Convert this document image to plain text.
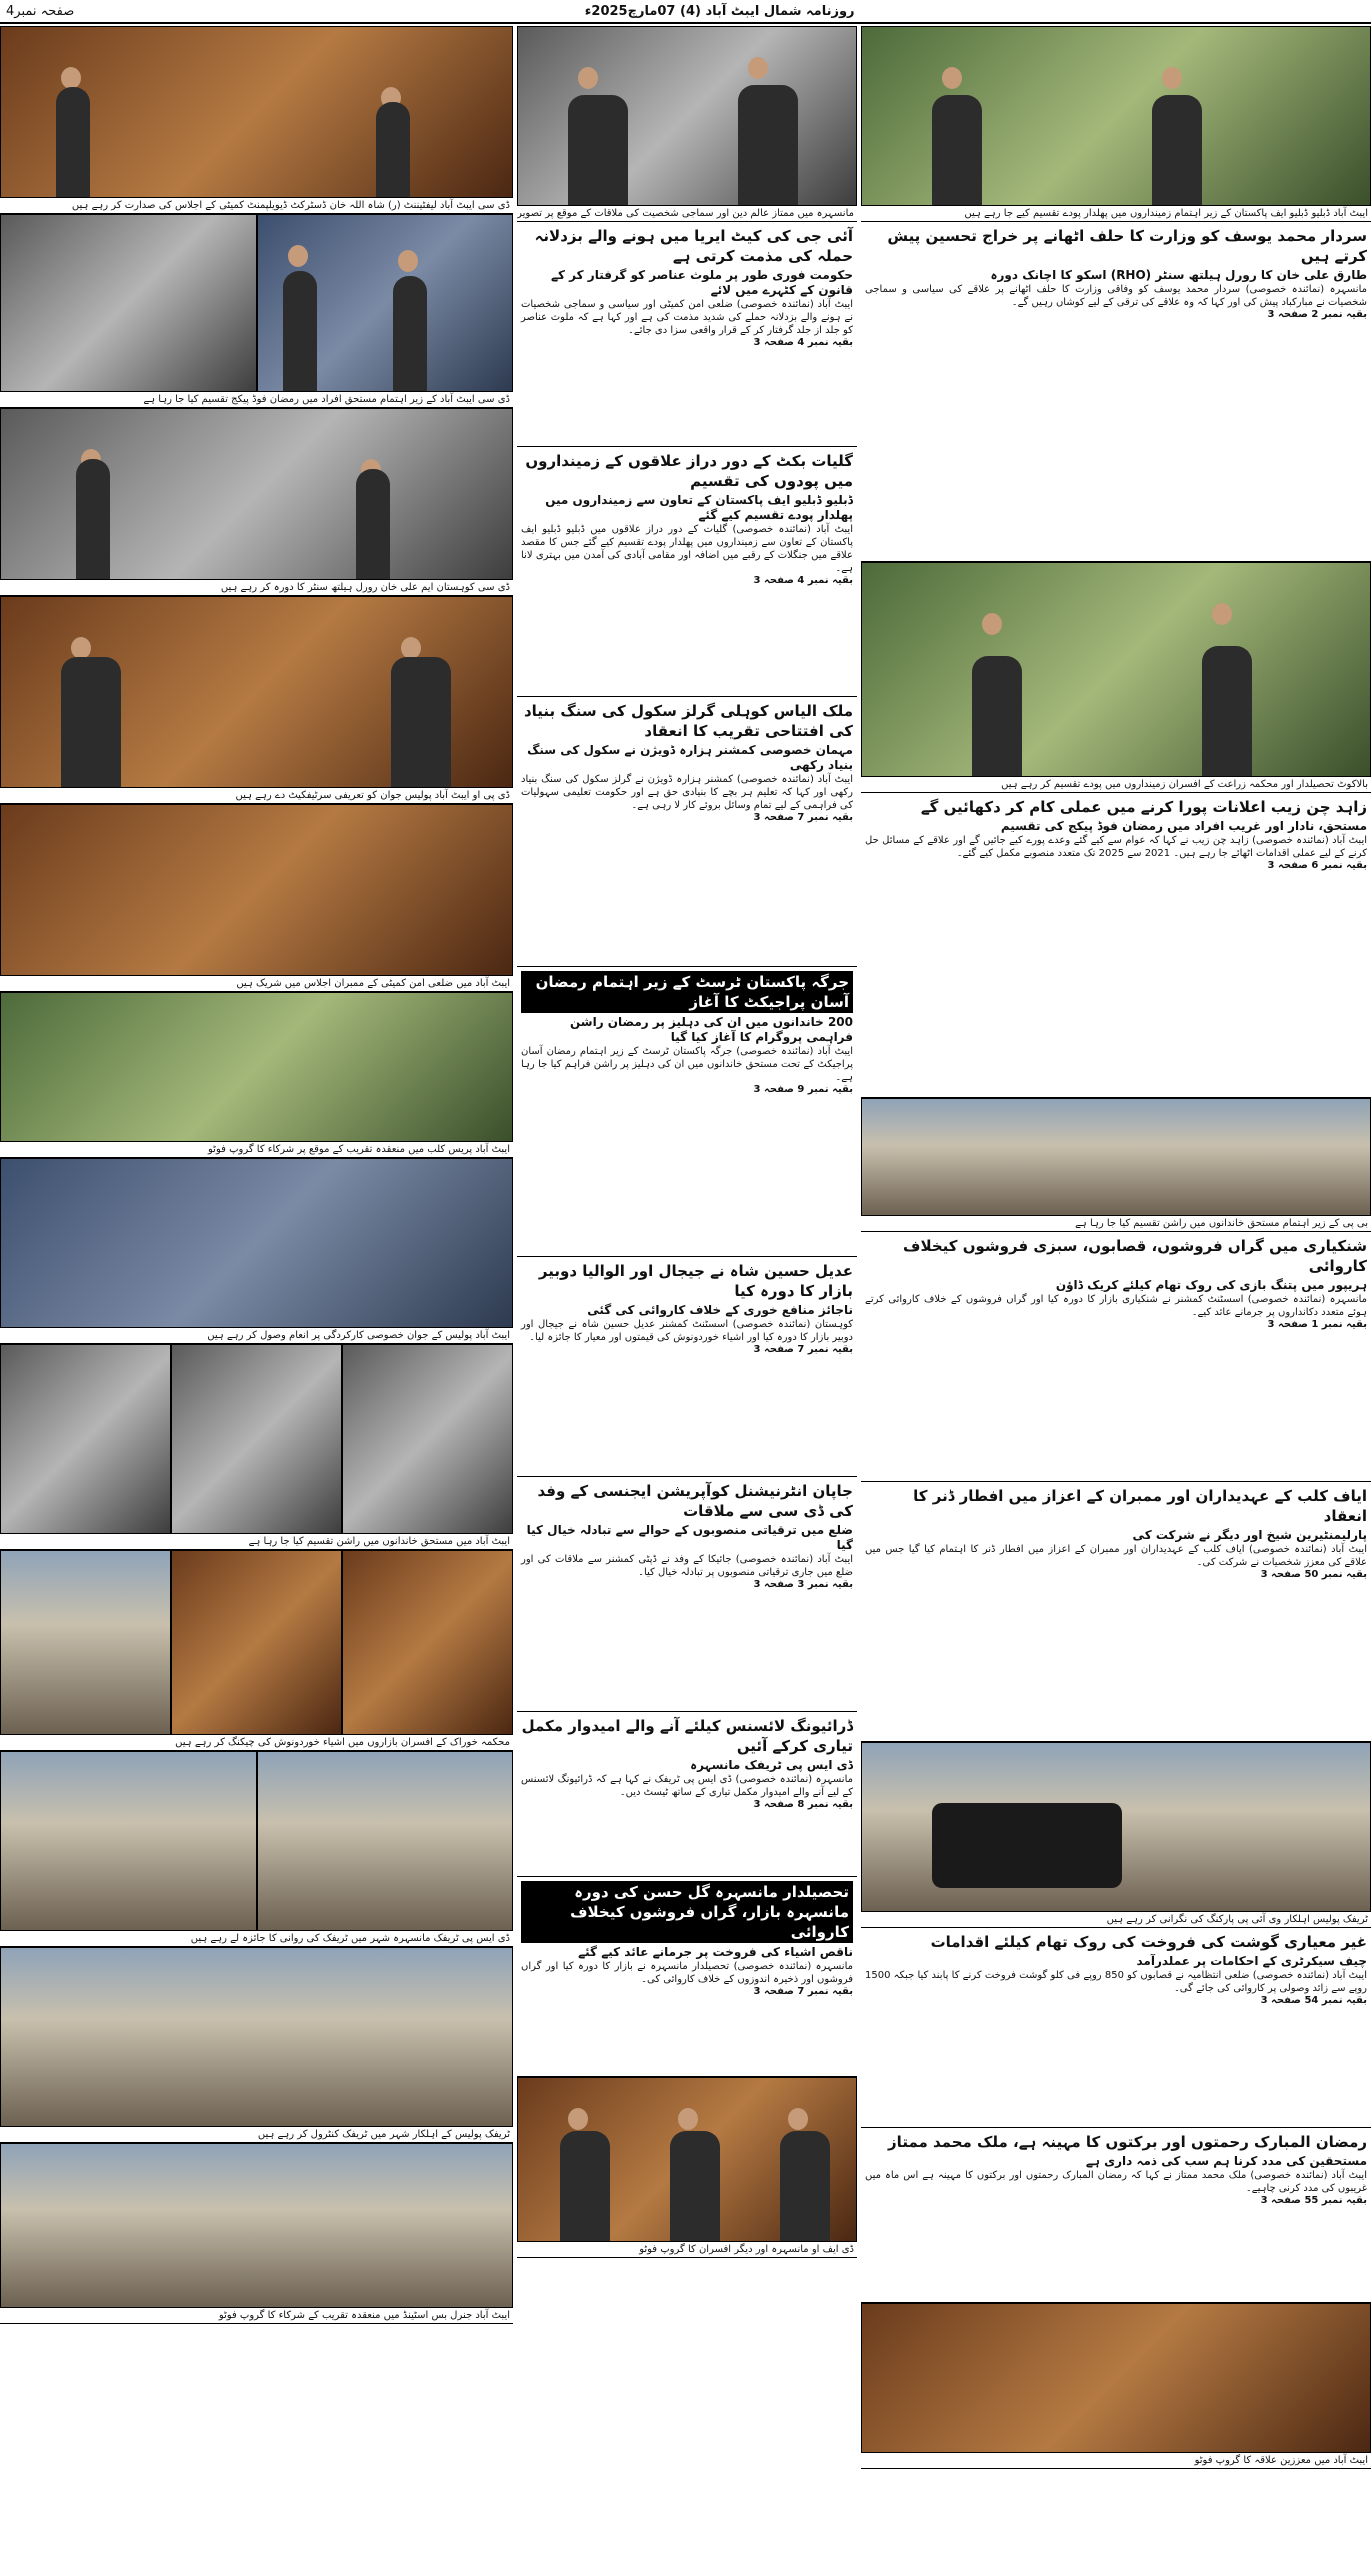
4صفحہ نمبر	روزنامہ شمال ایبٹ آباد (4) 07مارچ2025ء
ڈی سی ایبٹ آباد لیفٹیننٹ (ر) شاہ اللہ خان ڈسٹرکٹ ڈیویلپمنٹ کمیٹی کے اجلاس کی صدارت کر رہے ہیں
ڈی سی ایبٹ آباد کے زیر اہتمام مستحق افراد میں رمضان فوڈ پیکج تقسیم کیا جا رہا ہے
ڈی سی کوہستان ایم علی خان رورل ہیلتھ سنٹر کا دورہ کر رہے ہیں
ڈی پی او ایبٹ آباد پولیس جوان کو تعریفی سرٹیفکیٹ دے رہے ہیں
ایبٹ آباد میں ضلعی امن کمیٹی کے ممبران اجلاس میں شریک ہیں
ایبٹ آباد پریس کلب میں منعقدہ تقریب کے موقع پر شرکاء کا گروپ فوٹو
ایبٹ آباد پولیس کے جوان خصوصی کارکردگی پر انعام وصول کر رہے ہیں
ایبٹ آباد میں مستحق خاندانوں میں راشن تقسیم کیا جا رہا ہے
محکمہ خوراک کے افسران بازاروں میں اشیاء خوردونوش کی چیکنگ کر رہے ہیں
ڈی ایس پی ٹریفک مانسہرہ شہر میں ٹریفک کی روانی کا جائزہ لے رہے ہیں
ٹریفک پولیس کے اہلکار شہر میں ٹریفک کنٹرول کر رہے ہیں
ایبٹ آباد جنرل بس اسٹینڈ میں منعقدہ تقریب کے شرکاء کا گروپ فوٹو
مانسہرہ میں ممتاز عالم دین اور سماجی شخصیت کی ملاقات کے موقع پر تصویر
آئی جی کی کیٹ ایریا میں ہونے والے بزدلانہ حملہ کی مذمت کرتی ہے
حکومت فوری طور پر ملوث عناصر کو گرفتار کر کے قانون کے کٹہرے میں لائے
ایبٹ آباد (نمائندہ خصوصی) ضلعی امن کمیٹی اور سیاسی و سماجی شخصیات نے ہونے والے بزدلانہ حملے کی شدید مذمت کی ہے اور کہا ہے کہ ملوث عناصر کو جلد از جلد گرفتار کر کے قرار واقعی سزا دی جائے۔
بقیہ نمبر 4 صفحہ 3
گلیات بکٹ کے دور دراز علاقوں کے زمینداروں میں پودوں کی تقسیم
ڈبلیو ڈبلیو ایف پاکستان کے تعاون سے زمینداروں میں پھلدار پودے تقسیم کیے گئے
ایبٹ آباد (نمائندہ خصوصی) گلیات کے دور دراز علاقوں میں ڈبلیو ڈبلیو ایف پاکستان کے تعاون سے زمینداروں میں پھلدار پودے تقسیم کیے گئے جس کا مقصد علاقے میں جنگلات کے رقبے میں اضافہ اور مقامی آبادی کی آمدن میں بہتری لانا ہے۔
بقیہ نمبر 4 صفحہ 3
ملک الیاس کوہلی گرلز سکول کی سنگ بنیاد کی افتتاحی تقریب کا انعقاد
مہمان خصوصی کمشنر ہزارہ ڈویژن نے سکول کی سنگ بنیاد رکھی
ایبٹ آباد (نمائندہ خصوصی) کمشنر ہزارہ ڈویژن نے گرلز سکول کی سنگ بنیاد رکھی اور کہا کہ تعلیم ہر بچے کا بنیادی حق ہے اور حکومت تعلیمی سہولیات کی فراہمی کے لیے تمام وسائل بروئے کار لا رہی ہے۔
بقیہ نمبر 7 صفحہ 3
جرگہ پاکستان ٹرسٹ کے زیر اہتمام رمضان آسان پراجیکٹ کا آغاز
200 خاندانوں میں ان کی دہلیز پر رمضان راشن فراہمی پروگرام کا آغاز کیا گیا
ایبٹ آباد (نمائندہ خصوصی) جرگہ پاکستان ٹرسٹ کے زیر اہتمام رمضان آسان پراجیکٹ کے تحت مستحق خاندانوں میں ان کی دہلیز پر راشن فراہم کیا جا رہا ہے۔
بقیہ نمبر 9 صفحہ 3
عدیل حسین شاہ نے جیجال اور الوالیا دوبیر بازار کا دورہ کیا
ناجائز منافع خوری کے خلاف کاروائی کی گئی
کوہستان (نمائندہ خصوصی) اسسٹنٹ کمشنر عدیل حسین شاہ نے جیجال اور دوبیر بازار کا دورہ کیا اور اشیاء خوردونوش کی قیمتوں اور معیار کا جائزہ لیا۔
بقیہ نمبر 7 صفحہ 3
جاپان انٹرنیشنل کوآپریشن ایجنسی کے وفد کی ڈی سی سے ملاقات
ضلع میں ترقیاتی منصوبوں کے حوالے سے تبادلہ خیال کیا گیا
ایبٹ آباد (نمائندہ خصوصی) جائیکا کے وفد نے ڈپٹی کمشنر سے ملاقات کی اور ضلع میں جاری ترقیاتی منصوبوں پر تبادلہ خیال کیا۔
بقیہ نمبر 3 صفحہ 3
ڈرائیونگ لائسنس کیلئے آنے والے امیدوار مکمل تیاری کرکے آئیں
ڈی ایس پی ٹریفک مانسہرہ
مانسہرہ (نمائندہ خصوصی) ڈی ایس پی ٹریفک نے کہا ہے کہ ڈرائیونگ لائسنس کے لیے آنے والے امیدوار مکمل تیاری کے ساتھ ٹیسٹ دیں۔
بقیہ نمبر 8 صفحہ 3
تحصیلدار مانسہرہ گل حسن کی دورہ مانسہرہ بازار، گراں فروشوں کیخلاف کاروائی
ناقص اشیاء کی فروخت پر جرمانے عائد کیے گئے
مانسہرہ (نمائندہ خصوصی) تحصیلدار مانسہرہ نے بازار کا دورہ کیا اور گراں فروشوں اور ذخیرہ اندوزوں کے خلاف کاروائی کی۔
بقیہ نمبر 7 صفحہ 3
ڈی ایف او مانسہرہ اور دیگر افسران کا گروپ فوٹو
ایبٹ آباد ڈبلیو ڈبلیو ایف پاکستان کے زیر اہتمام زمینداروں میں پھلدار پودے تقسیم کیے جا رہے ہیں
سردار محمد یوسف کو وزارت کا حلف اٹھانے پر خراج تحسین پیش کرتے ہیں
طارق علی خان کا رورل ہیلتھ سنٹر (RHO) اسکو کا اچانک دورہ
مانسہرہ (نمائندہ خصوصی) سردار محمد یوسف کو وفاقی وزارت کا حلف اٹھانے پر علاقے کی سیاسی و سماجی شخصیات نے مبارکباد پیش کی اور کہا کہ وہ علاقے کی ترقی کے لیے کوشاں رہیں گے۔
بقیہ نمبر 2 صفحہ 3
بالاکوٹ تحصیلدار اور محکمہ زراعت کے افسران زمینداروں میں پودے تقسیم کر رہے ہیں
زاہد چن زیب اعلانات پورا کرنے میں عملی کام کر دکھائیں گے
مستحق، نادار اور غریب افراد میں رمضان فوڈ پیکج کی تقسیم
ایبٹ آباد (نمائندہ خصوصی) زاہد چن زیب نے کہا کہ عوام سے کیے گئے وعدے پورے کیے جائیں گے اور علاقے کے مسائل حل کرنے کے لیے عملی اقدامات اٹھائے جا رہے ہیں۔ 2021 سے 2025 تک متعدد منصوبے مکمل کیے گئے۔
بقیہ نمبر 6 صفحہ 3
بی پی کے زیر اہتمام مستحق خاندانوں میں راشن تقسیم کیا جا رہا ہے
شنکیاری میں گراں فروشوں، قصابوں، سبزی فروشوں کیخلاف کاروائی
ہریپور میں پتنگ بازی کی روک تھام کیلئے کریک ڈاؤن
مانسہرہ (نمائندہ خصوصی) اسسٹنٹ کمشنر نے شنکیاری بازار کا دورہ کیا اور گراں فروشوں کے خلاف کاروائی کرتے ہوئے متعدد دکانداروں پر جرمانے عائد کیے۔
بقیہ نمبر 1 صفحہ 3
ایاف کلب کے عہدیداران اور ممبران کے اعزاز میں افطار ڈنر کا انعقاد
پارلیمنٹیرین شیخ اور دیگر نے شرکت کی
ایبٹ آباد (نمائندہ خصوصی) ایاف کلب کے عہدیداران اور ممبران کے اعزاز میں افطار ڈنر کا اہتمام کیا گیا جس میں علاقے کی معزز شخصیات نے شرکت کی۔
بقیہ نمبر 50 صفحہ 3
ٹریفک پولیس اہلکار وی آئی پی پارکنگ کی نگرانی کر رہے ہیں
غیر معیاری گوشت کی فروخت کی روک تھام کیلئے اقدامات
چیف سیکرٹری کے احکامات پر عملدرآمد
ایبٹ آباد (نمائندہ خصوصی) ضلعی انتظامیہ نے قصابوں کو 850 روپے فی کلو گوشت فروخت کرنے کا پابند کیا جبکہ 1500 روپے سے زائد وصولی پر کاروائی کی جائے گی۔
بقیہ نمبر 54 صفحہ 3
رمضان المبارک رحمتوں اور برکتوں کا مہینہ ہے، ملک محمد ممتاز
مستحقین کی مدد کرنا ہم سب کی ذمہ داری ہے
ایبٹ آباد (نمائندہ خصوصی) ملک محمد ممتاز نے کہا کہ رمضان المبارک رحمتوں اور برکتوں کا مہینہ ہے اس ماہ میں غریبوں کی مدد کرنی چاہیے۔
بقیہ نمبر 55 صفحہ 3
ایبٹ آباد میں معززین علاقہ کا گروپ فوٹو
